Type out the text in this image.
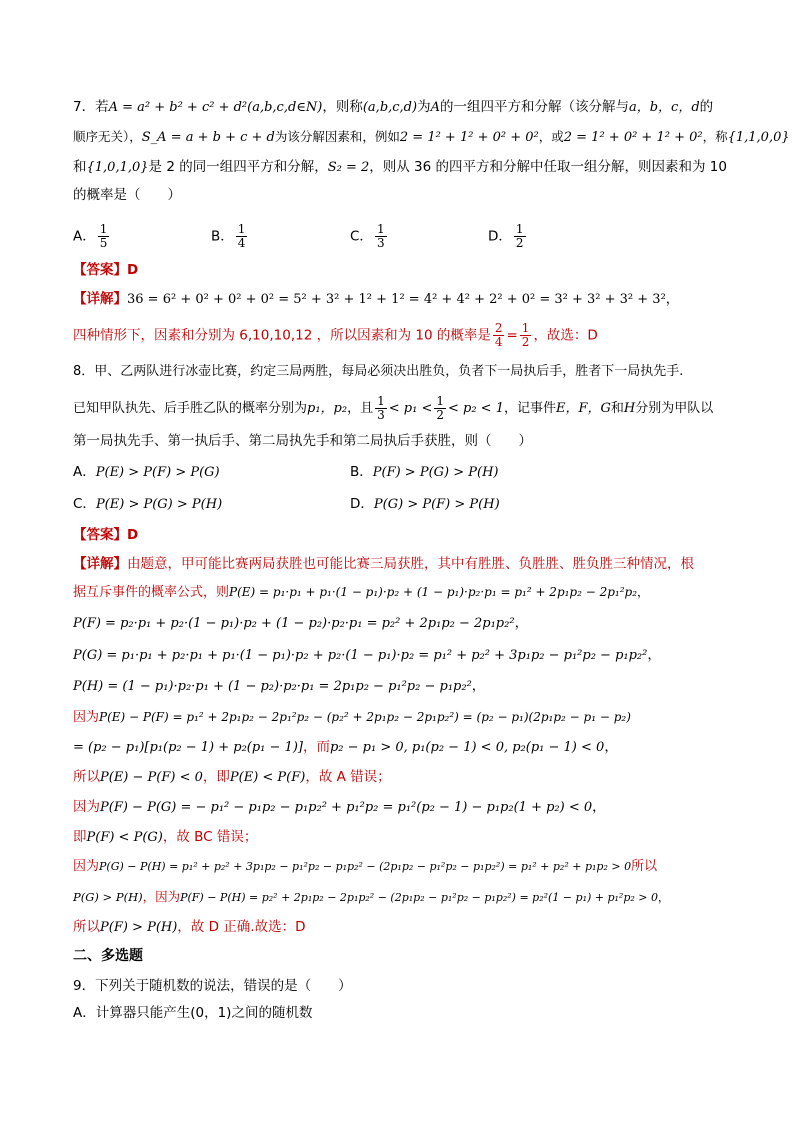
7．若A = a² + b² + c² + d²(a,b,c,d∈N)，则称(a,b,c,d)为A的一组四平方和分解（该分解与a，b，c，d的
顺序无关），S_A = a + b + c + d为该分解因素和，例如2 = 1² + 1² + 0² + 0²，或2 = 1² + 0² + 1² + 0²，称{1,1,0,0}
和{1,0,1,0}是 2 的同一组四平方和分解，S₂ = 2，则从 36 的四平方和分解中任取一组分解，则因素和为 10
的概率是（　　）
A． $\frac{1}{5}$	B． $\frac{1}{4}$	C． $\frac{1}{3}$	D． $\frac{1}{2}$
【答案】D
【详解】36 = 6² + 0² + 0² + 0² = 5² + 3² + 1² + 1² = 4² + 4² + 2² + 0² = 3² + 3² + 3² + 3²，
四种情形下，因素和分别为 6,10,10,12 ，所以因素和为 10 的概率是 $\frac{2}{4} = \frac{1}{2}$ ，故选：D
8．甲、乙两队进行冰壶比赛，约定三局两胜，每局必须决出胜负，负者下一局执后手，胜者下一局执先手.
已知甲队执先、后手胜乙队的概率分别为p₁，p₂，且 $\frac{1}{3} < p_1 < \frac{1}{2} < p_2 < 1$，记事件E，F，G和H分别为甲队以
第一局执先手、第一执后手、第二局执先手和第二局执后手获胜，则（　　）
A．P(E) > P(F) > P(G)	B．P(F) > P(G) > P(H)
C．P(E) > P(G) > P(H)	D．P(G) > P(F) > P(H)
【答案】D
【详解】由题意，甲可能比赛两局获胜也可能比赛三局获胜，其中有胜胜、负胜胜、胜负胜三种情况，根
据互斥事件的概率公式，则P(E) = p₁·p₁ + p₁·(1 − p₁)·p₂ + (1 − p₁)·p₂·p₁ = p₁² + 2p₁p₂ − 2p₁²p₂，
P(F) = p₂·p₁ + p₂·(1 − p₁)·p₂ + (1 − p₂)·p₂·p₁ = p₂² + 2p₁p₂ − 2p₁p₂²，
P(G) = p₁·p₁ + p₂·p₁ + p₁·(1 − p₁)·p₂ + p₂·(1 − p₁)·p₂ = p₁² + p₂² + 3p₁p₂ − p₁²p₂ − p₁p₂²，
P(H) = (1 − p₁)·p₂·p₁ + (1 − p₂)·p₂·p₁ = 2p₁p₂ − p₁²p₂ − p₁p₂²，
因为P(E) − P(F) = p₁² + 2p₁p₂ − 2p₁²p₂ − (p₂² + 2p₁p₂ − 2p₁p₂²) = (p₂ − p₁)(2p₁p₂ − p₁ − p₂)
= (p₂ − p₁)[p₁(p₂ − 1) + p₂(p₁ − 1)]，而p₂ − p₁ > 0, p₁(p₂ − 1) < 0, p₂(p₁ − 1) < 0，
所以P(E) − P(F) < 0，即P(E) < P(F)，故 A 错误；
因为P(F) − P(G) = − p₁² − p₁p₂ − p₁p₂² + p₁²p₂ = p₁²(p₂ − 1) − p₁p₂(1 + p₂) < 0，
即P(F) < P(G)，故 BC 错误；
因为P(G) − P(H) = p₁² + p₂² + 3p₁p₂ − p₁²p₂ − p₁p₂² − (2p₁p₂ − p₁²p₂ − p₁p₂²) = p₁² + p₂² + p₁p₂ > 0所以
P(G) > P(H)，因为P(F) − P(H) = p₂² + 2p₁p₂ − 2p₁p₂² − (2p₁p₂ − p₁²p₂ − p₁p₂²) = p₂²(1 − p₁) + p₁²p₂ > 0，
所以P(F) > P(H)，故 D 正确.故选：D
二、多选题
9．下列关于随机数的说法，错误的是（　　）
A．计算器只能产生(0，1)之间的随机数
